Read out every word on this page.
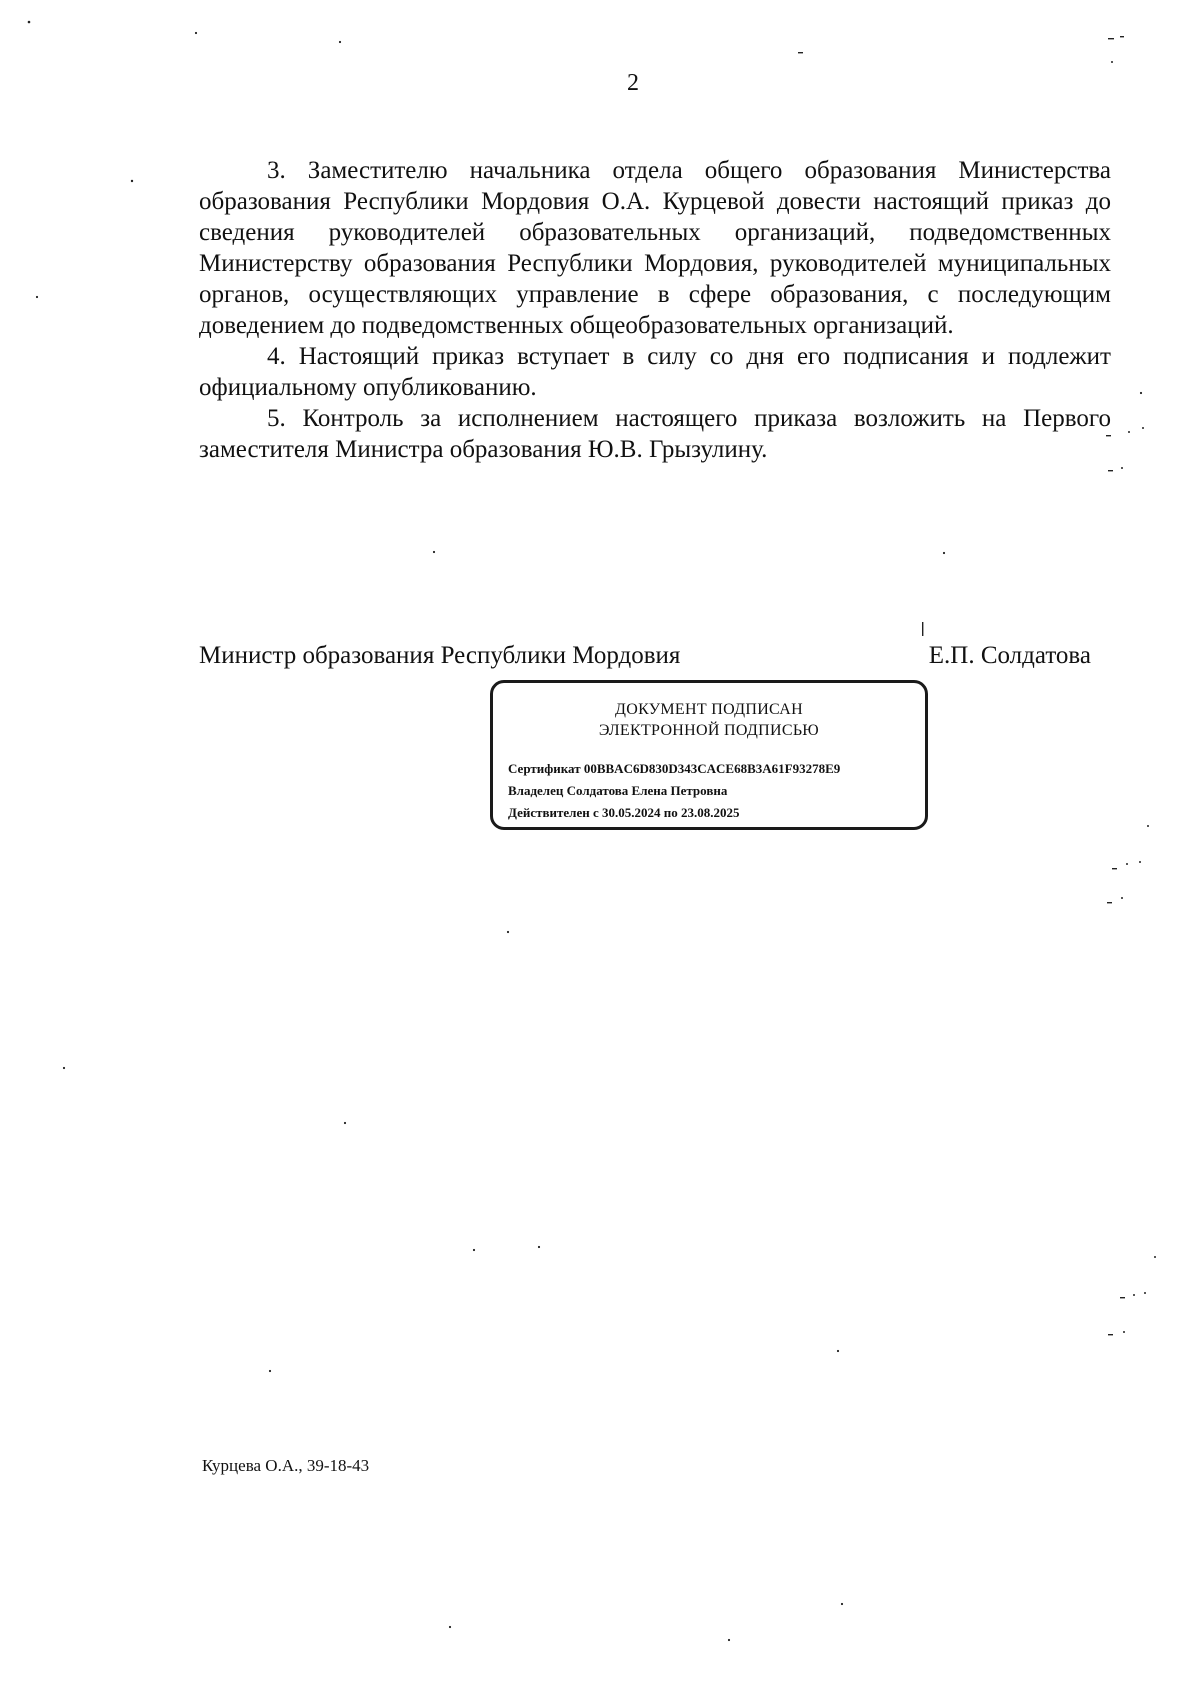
2

3. Заместителю начальника отдела общего образования Министерства образования Республики Мордовия О.А. Курцевой довести настоящий приказ до сведения руководителей образовательных организаций, подведомственных Министерству образования Республики Мордовия, руководителей муниципальных органов, осуществляющих управление в сфере образования, с последующим доведением до подведомственных общеобразовательных организаций.

4. Настоящий приказ вступает в силу со дня его подписания и подлежит официальному опубликованию.

5. Контроль за исполнением настоящего приказа возложить на Первого заместителя Министра образования Ю.В. Грызулину.

Министр образования Республики Мордовия	Е.П. Солдатова
ДОКУМЕНТ ПОДПИСАН
ЭЛЕКТРОННОЙ ПОДПИСЬЮ
Сертификат 00BBAC6D830D343CACE68B3A61F93278E9
Владелец Солдатова Елена Петровна
Действителен с 30.05.2024 по 23.08.2025
Курцева О.А., 39-18-43
